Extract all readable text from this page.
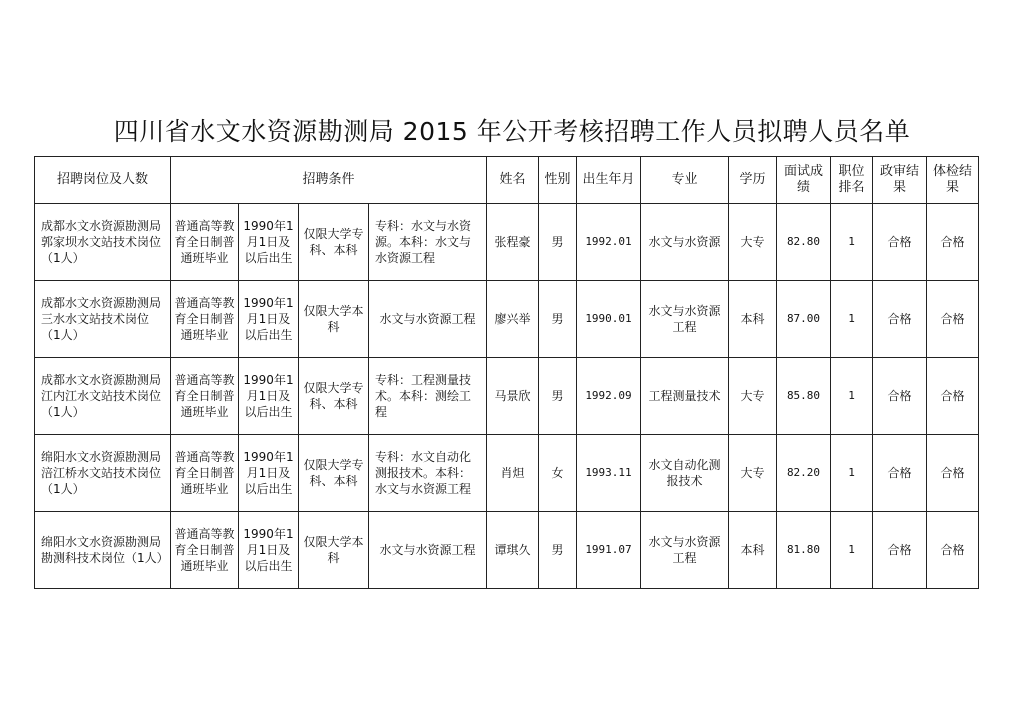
四川省水文水资源勘测局 2015 年公开考核招聘工作人员拟聘人员名单
招聘岗位及人数	招聘条件				姓名	性别	出生年月	专业	学历	面试成绩	职位排名	政审结果	体检结果
成都水文水资源勘测局郭家坝水文站技术岗位（1人）	普通高等教育全日制普通班毕业	1990年1月1日及以后出生	仅限大学专科、本科	专科：水文与水资源。本科：水文与水资源工程	张程豪	男	1992.01	水文与水资源	大专	82.80	1	合格	合格
成都水文水资源勘测局三水水文站技术岗位（1人）	普通高等教育全日制普通班毕业	1990年1月1日及以后出生	仅限大学本科	水文与水资源工程	廖兴举	男	1990.01	水文与水资源工程	本科	87.00	1	合格	合格
成都水文水资源勘测局江内江水文站技术岗位（1人）	普通高等教育全日制普通班毕业	1990年1月1日及以后出生	仅限大学专科、本科	专科：工程测量技术。本科：测绘工程	马景欣	男	1992.09	工程测量技术	大专	85.80	1	合格	合格
绵阳水文水资源勘测局涪江桥水文站技术岗位（1人）	普通高等教育全日制普通班毕业	1990年1月1日及以后出生	仅限大学专科、本科	专科：水文自动化测报技术。本科：水文与水资源工程	肖炟	女	1993.11	水文自动化测报技术	大专	82.20	1	合格	合格
绵阳水文水资源勘测局勘测科技术岗位（1人）	普通高等教育全日制普通班毕业	1990年1月1日及以后出生	仅限大学本科	水文与水资源工程	谭琪久	男	1991.07	水文与水资源工程	本科	81.80	1	合格	合格
